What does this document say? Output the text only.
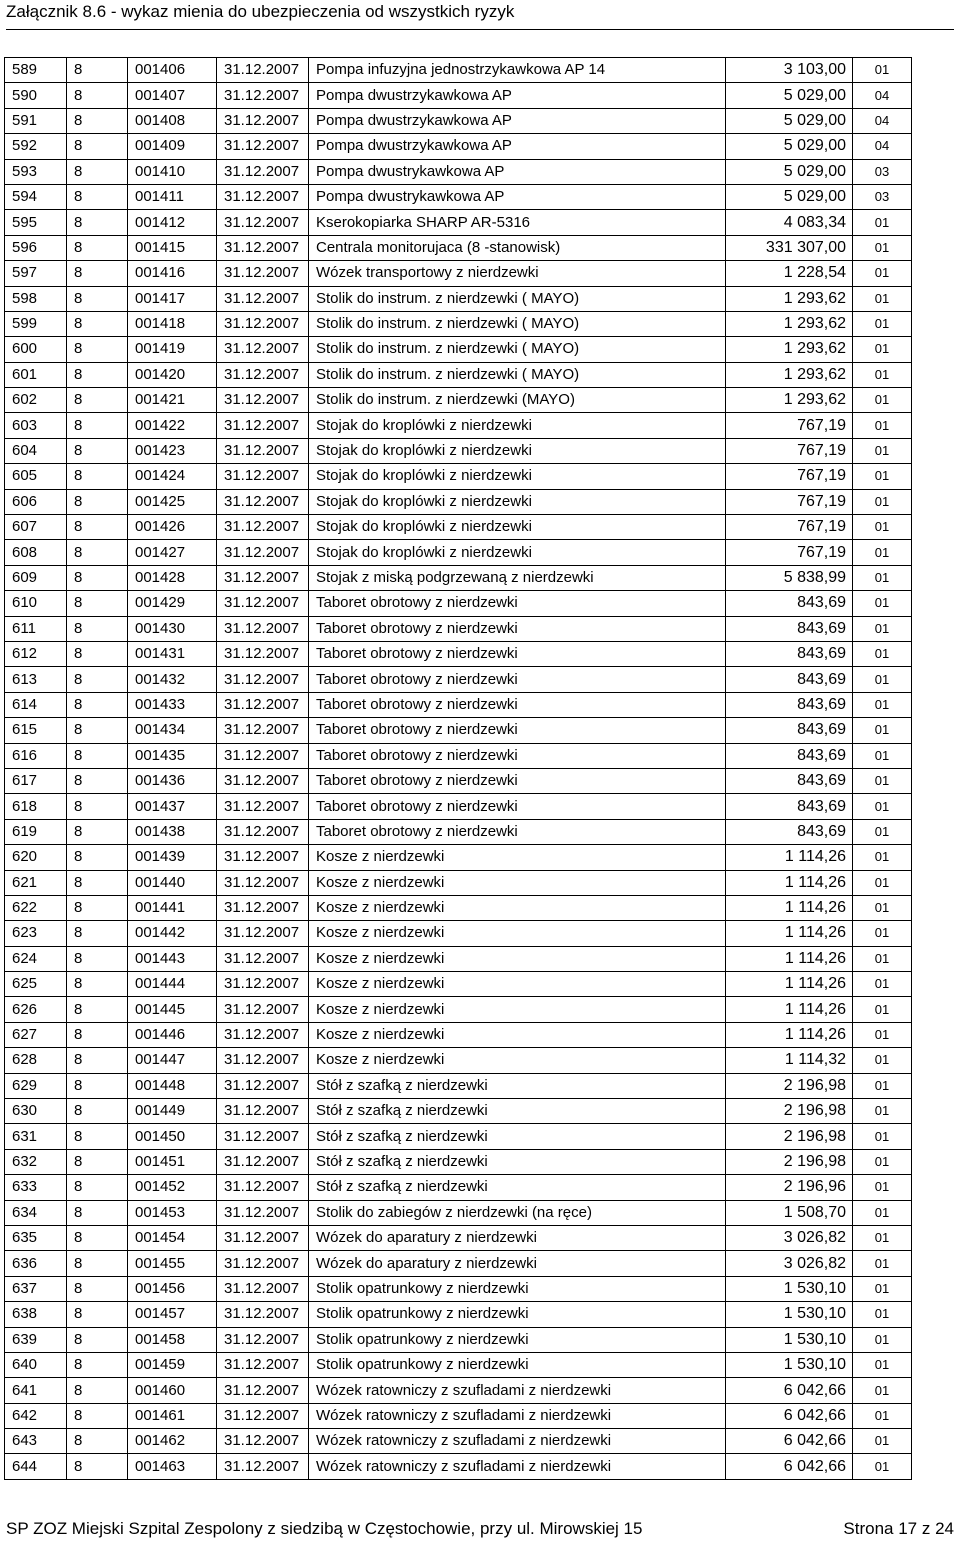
Załącznik 8.6 - wykaz mienia do ubezpieczenia od wszystkich ryzyk
589	8	001406	31.12.2007	Pompa infuzyjna jednostrzykawkowa AP 14	3 103,00	01
590	8	001407	31.12.2007	Pompa dwustrzykawkowa AP	5 029,00	04
591	8	001408	31.12.2007	Pompa dwustrzykawkowa AP	5 029,00	04
592	8	001409	31.12.2007	Pompa dwustrzykawkowa AP	5 029,00	04
593	8	001410	31.12.2007	Pompa dwustrykawkowa AP	5 029,00	03
594	8	001411	31.12.2007	Pompa dwustrykawkowa AP	5 029,00	03
595	8	001412	31.12.2007	Kserokopiarka SHARP AR-5316	4 083,34	01
596	8	001415	31.12.2007	Centrala monitorujaca (8 -stanowisk)	331 307,00	01
597	8	001416	31.12.2007	Wózek transportowy z nierdzewki	1 228,54	01
598	8	001417	31.12.2007	Stolik do instrum. z nierdzewki ( MAYO)	1 293,62	01
599	8	001418	31.12.2007	Stolik do instrum. z nierdzewki ( MAYO)	1 293,62	01
600	8	001419	31.12.2007	Stolik do instrum. z nierdzewki ( MAYO)	1 293,62	01
601	8	001420	31.12.2007	Stolik do instrum. z nierdzewki ( MAYO)	1 293,62	01
602	8	001421	31.12.2007	Stolik do instrum. z nierdzewki (MAYO)	1 293,62	01
603	8	001422	31.12.2007	Stojak do kroplówki z nierdzewki	767,19	01
604	8	001423	31.12.2007	Stojak do kroplówki z nierdzewki	767,19	01
605	8	001424	31.12.2007	Stojak do kroplówki z nierdzewki	767,19	01
606	8	001425	31.12.2007	Stojak do kroplówki z nierdzewki	767,19	01
607	8	001426	31.12.2007	Stojak do kroplówki z nierdzewki	767,19	01
608	8	001427	31.12.2007	Stojak do kroplówki z nierdzewki	767,19	01
609	8	001428	31.12.2007	Stojak z miską podgrzewaną z nierdzewki	5 838,99	01
610	8	001429	31.12.2007	Taboret obrotowy z nierdzewki	843,69	01
611	8	001430	31.12.2007	Taboret obrotowy z nierdzewki	843,69	01
612	8	001431	31.12.2007	Taboret obrotowy z nierdzewki	843,69	01
613	8	001432	31.12.2007	Taboret obrotowy z nierdzewki	843,69	01
614	8	001433	31.12.2007	Taboret obrotowy z nierdzewki	843,69	01
615	8	001434	31.12.2007	Taboret obrotowy z nierdzewki	843,69	01
616	8	001435	31.12.2007	Taboret obrotowy z nierdzewki	843,69	01
617	8	001436	31.12.2007	Taboret obrotowy z nierdzewki	843,69	01
618	8	001437	31.12.2007	Taboret obrotowy z nierdzewki	843,69	01
619	8	001438	31.12.2007	Taboret obrotowy z nierdzewki	843,69	01
620	8	001439	31.12.2007	Kosze z nierdzewki	1 114,26	01
621	8	001440	31.12.2007	Kosze z nierdzewki	1 114,26	01
622	8	001441	31.12.2007	Kosze z nierdzewki	1 114,26	01
623	8	001442	31.12.2007	Kosze z nierdzewki	1 114,26	01
624	8	001443	31.12.2007	Kosze z nierdzewki	1 114,26	01
625	8	001444	31.12.2007	Kosze z nierdzewki	1 114,26	01
626	8	001445	31.12.2007	Kosze z nierdzewki	1 114,26	01
627	8	001446	31.12.2007	Kosze z nierdzewki	1 114,26	01
628	8	001447	31.12.2007	Kosze z nierdzewki	1 114,32	01
629	8	001448	31.12.2007	Stół z szafką z nierdzewki	2 196,98	01
630	8	001449	31.12.2007	Stół z szafką z nierdzewki	2 196,98	01
631	8	001450	31.12.2007	Stół z szafką z nierdzewki	2 196,98	01
632	8	001451	31.12.2007	Stół z szafką z nierdzewki	2 196,98	01
633	8	001452	31.12.2007	Stół z szafką z nierdzewki	2 196,96	01
634	8	001453	31.12.2007	Stolik do zabiegów z nierdzewki (na ręce)	1 508,70	01
635	8	001454	31.12.2007	Wózek do aparatury z nierdzewki	3 026,82	01
636	8	001455	31.12.2007	Wózek do aparatury z nierdzewki	3 026,82	01
637	8	001456	31.12.2007	Stolik opatrunkowy z nierdzewki	1 530,10	01
638	8	001457	31.12.2007	Stolik opatrunkowy z nierdzewki	1 530,10	01
639	8	001458	31.12.2007	Stolik opatrunkowy z nierdzewki	1 530,10	01
640	8	001459	31.12.2007	Stolik opatrunkowy z nierdzewki	1 530,10	01
641	8	001460	31.12.2007	Wózek ratowniczy z szufladami z nierdzewki	6 042,66	01
642	8	001461	31.12.2007	Wózek ratowniczy z szufladami z nierdzewki	6 042,66	01
643	8	001462	31.12.2007	Wózek ratowniczy z szufladami z nierdzewki	6 042,66	01
644	8	001463	31.12.2007	Wózek ratowniczy z szufladami z nierdzewki	6 042,66	01
SP ZOZ Miejski Szpital Zespolony z siedzibą w Częstochowie, przy ul. Mirowskiej 15	Strona 17 z 24
